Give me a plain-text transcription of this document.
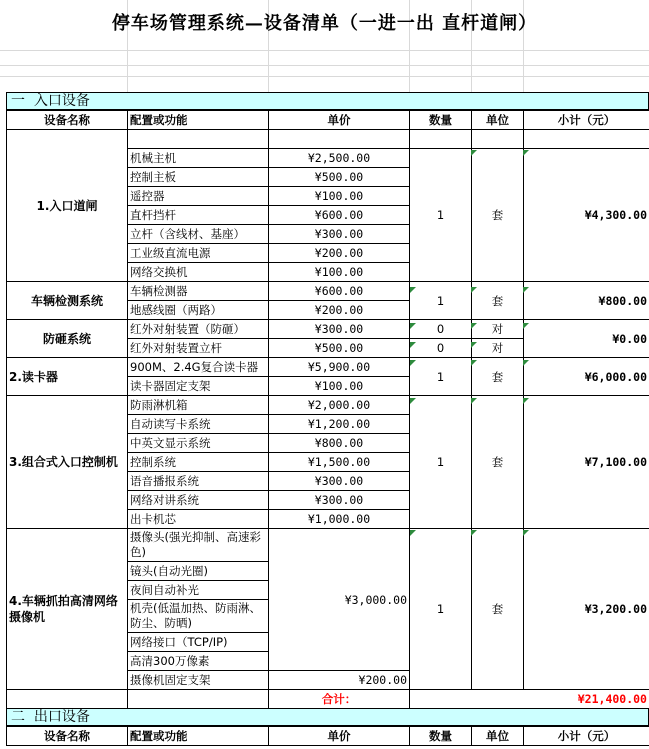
停车场管理系统—设备清单（一进一出 直杆道闸）
一  入口设备
设备名称	配置或功能	单价	数量	单位	小计（元）
1.入口道闸					
	机械主机	¥2,500.00	1	套	¥4,300.00
	控制主板	¥500.00			
	遥控器	¥100.00			
	直杆挡杆	¥600.00			
	立杆（含线材、基座）	¥300.00			
	工业级直流电源	¥200.00			
	网络交换机	¥100.00			
车辆检测系统	车辆检测器	¥600.00	1	套	¥800.00
	地感线圈（两路）	¥200.00			
防砸系统	红外对射装置（防砸）	¥300.00	0	对	¥0.00
	红外对射装置立杆	¥500.00	0	对	
2.读卡器	900M、2.4G复合读卡器	¥5,900.00	1	套	¥6,000.00
	读卡器固定支架	¥100.00			
3.组合式入口控制机	防雨淋机箱	¥2,000.00	1	套	¥7,100.00
	自动读写卡系统	¥1,200.00			
	中英文显示系统	¥800.00			
	控制系统	¥1,500.00			
	语音播报系统	¥300.00			
	网络对讲系统	¥300.00			
	出卡机芯	¥1,000.00			
4.车辆抓拍高清网络摄像机	摄像头(强光抑制、高速彩色)	¥3,000.00	1	套	¥3,200.00
	镜头(自动光圈)				
	夜间自动补光				
	机壳(低温加热、防雨淋、防尘、防晒)				
	网络接口（TCP/IP)				
	高清300万像素				
	摄像机固定支架	¥200.00			
		合计：	¥21,400.00		
二  出口设备
设备名称	配置或功能	单价	数量	单位	小计（元）
